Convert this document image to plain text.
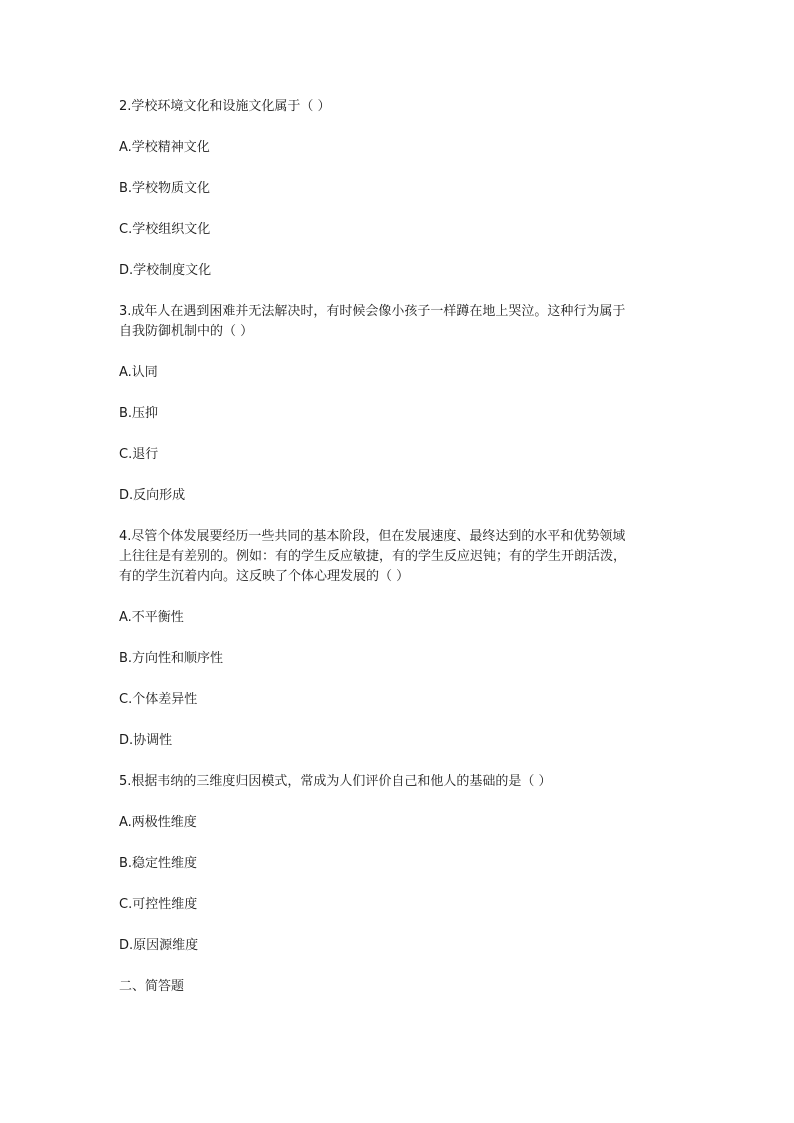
2.学校环境文化和设施文化属于（ ）

A.学校精神文化

B.学校物质文化

C.学校组织文化

D.学校制度文化

3.成年人在遇到困难并无法解决时，有时候会像小孩子一样蹲在地上哭泣。这种行为属于

自我防御机制中的（ ）

A.认同

B.压抑

C.退行

D.反向形成

4.尽管个体发展要经历一些共同的基本阶段，但在发展速度、最终达到的水平和优势领域

上往往是有差别的。例如：有的学生反应敏捷，有的学生反应迟钝；有的学生开朗活泼，

有的学生沉着内向。这反映了个体心理发展的（ ）

A.不平衡性

B.方向性和顺序性

C.个体差异性

D.协调性

5.根据韦纳的三维度归因模式，常成为人们评价自己和他人的基础的是（ ）

A.两极性维度

B.稳定性维度

C.可控性维度

D.原因源维度

二、简答题
